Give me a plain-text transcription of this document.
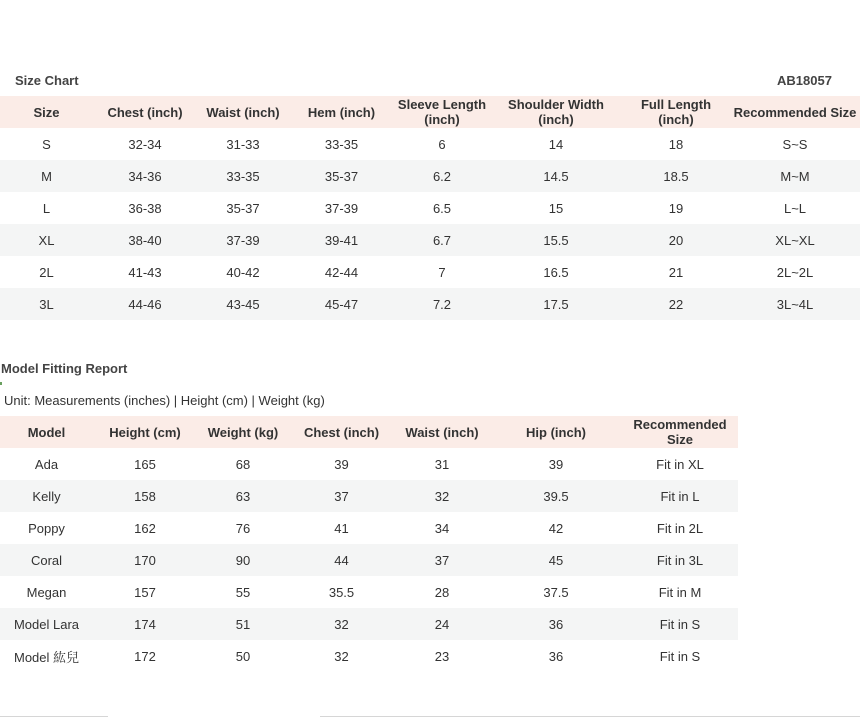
Size Chart	AB18057
Size	Chest (inch)	Waist (inch)	Hem (inch)	Sleeve Length (inch)	Shoulder Width (inch)	Full Length (inch)	Recommended Size
S	32-34	31-33	33-35	6	14	18	S~S
M	34-36	33-35	35-37	6.2	14.5	18.5	M~M
L	36-38	35-37	37-39	6.5	15	19	L~L
XL	38-40	37-39	39-41	6.7	15.5	20	XL~XL
2L	41-43	40-42	42-44	7	16.5	21	2L~2L
3L	44-46	43-45	45-47	7.2	17.5	22	3L~4L
Model Fitting Report
Unit: Measurements (inches) | Height (cm) | Weight (kg)
Model	Height (cm)	Weight (kg)	Chest (inch)	Waist (inch)	Hip (inch)	Recommended Size
Ada	165	68	39	31	39	Fit in XL
Kelly	158	63	37	32	39.5	Fit in L
Poppy	162	76	41	34	42	Fit in 2L
Coral	170	90	44	37	45	Fit in 3L
Megan	157	55	35.5	28	37.5	Fit in M
Model Lara	174	51	32	24	36	Fit in S
Model 紘兒	172	50	32	23	36	Fit in S
